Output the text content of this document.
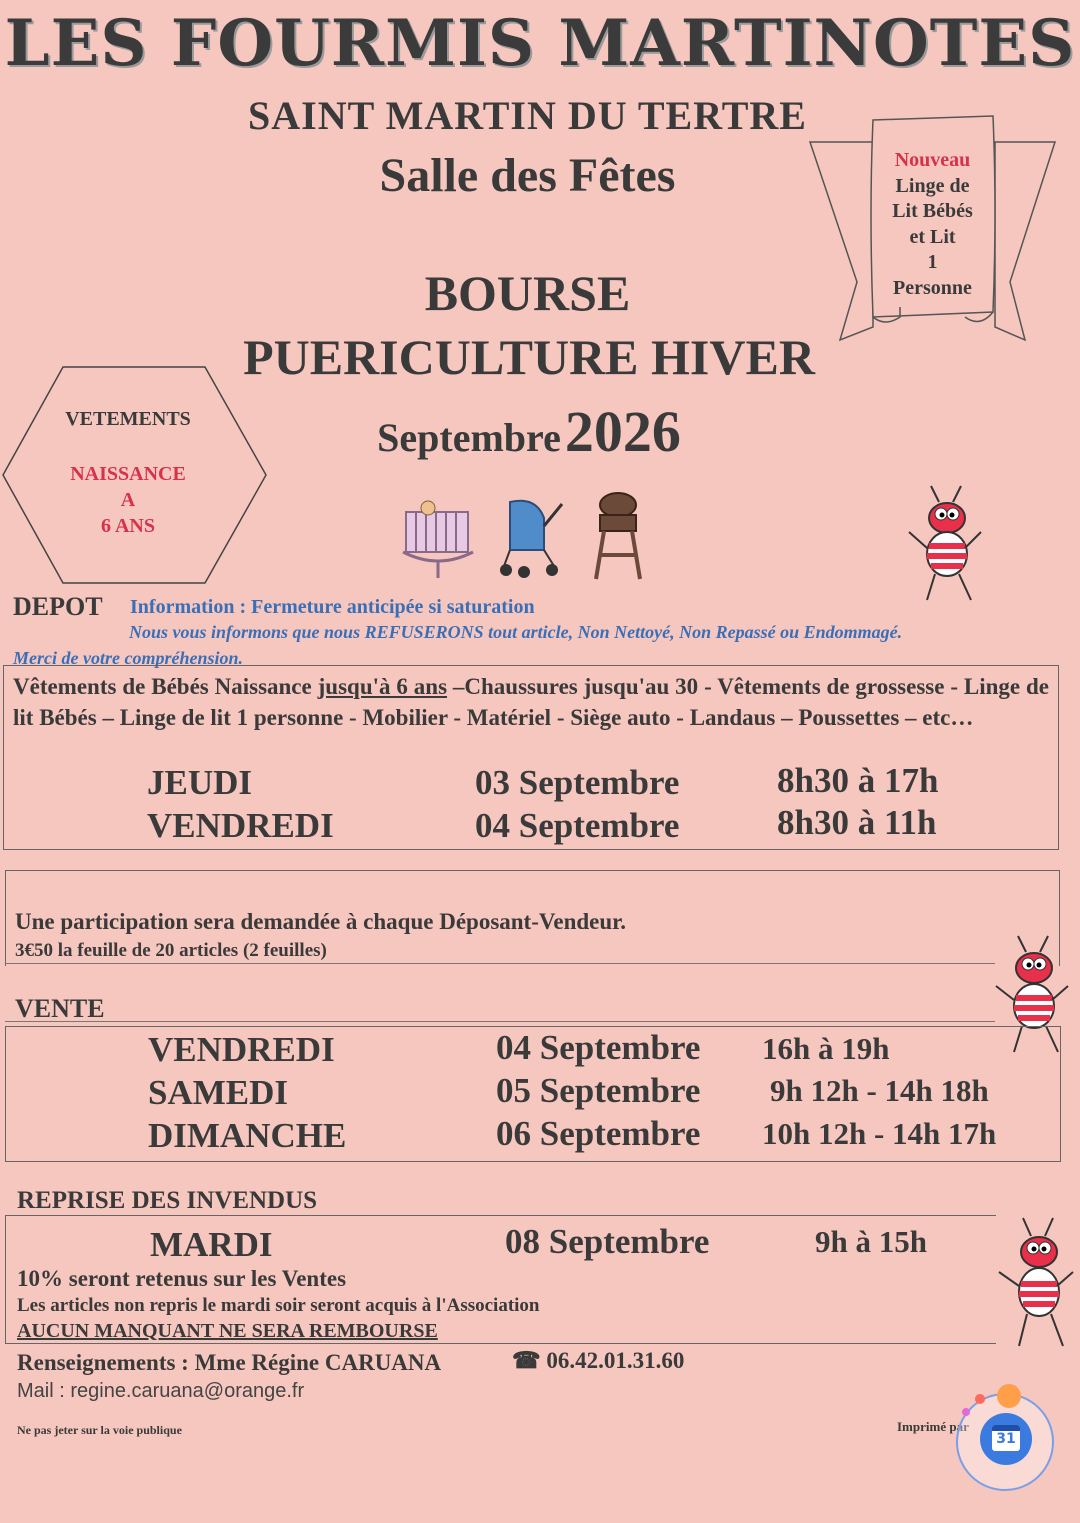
LES FOURMIS MARTINOTES
SAINT MARTIN DU TERTRE
Salle des Fêtes
BOURSE
PUERICULTURE HIVER
Septembre 2026
Nouveau
Linge de
Lit Bébés
et Lit
1
Personne
VETEMENTS
NAISSANCE
A
6 ANS
DEPOT Information : Fermeture anticipée si saturation
Nous vous informons que nous REFUSERONS tout article, Non Nettoyé, Non Repassé ou Endommagé.
Merci de votre compréhension.
Vêtements de Bébés Naissance jusqu'à 6 ans –Chaussures jusqu'au 30 - Vêtements de grossesse - Linge de lit Bébés – Linge de lit 1 personne - Mobilier - Matériel - Siège auto - Landaus – Poussettes – etc…
JEUDI	03 Septembre	8h30 à 17h
VENDREDI	04 Septembre	8h30 à 11h
Une participation sera demandée à chaque Déposant-Vendeur.
3€50 la feuille de 20 articles (2 feuilles)
VENTE
VENDREDI	04 Septembre 16h à 19h
SAMEDI	05 Septembre 9h 12h - 14h 18h
DIMANCHE	06 Septembre 10h 12h - 14h 17h
REPRISE DES INVENDUS
MARDI	08 Septembre	9h à 15h
10% seront retenus sur les Ventes
Les articles non repris le mardi soir seront acquis à l'Association
AUCUN MANQUANT NE SERA REMBOURSE
Renseignements : Mme Régine CARUANA	☎ 06.42.01.31.60
Mail : regine.caruana@orange.fr
Ne pas jeter sur la voie publique	Imprimé par
31
